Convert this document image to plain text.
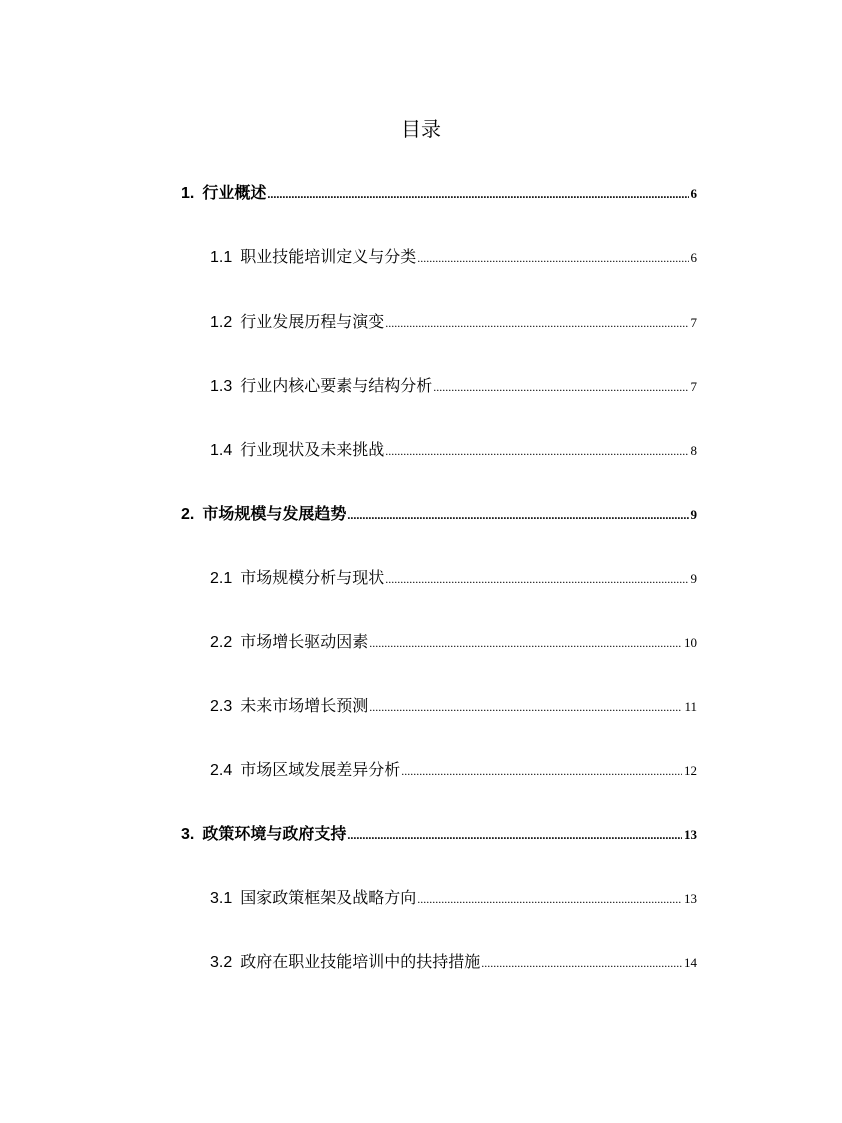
目录
1. 行业概述 .....	6
1.1 职业技能培训定义与分类 .....	6
1.2 行业发展历程与演变 .....	7
1.3 行业内核心要素与结构分析 .....	7
1.4 行业现状及未来挑战 .....	8
2. 市场规模与发展趋势 .....	9
2.1 市场规模分析与现状 .....	9
2.2 市场增长驱动因素 .....	10
2.3 未来市场增长预测 .....	11
2.4 市场区域发展差异分析 .....	12
3. 政策环境与政府支持 .....	13
3.1 国家政策框架及战略方向 .....	13
3.2 政府在职业技能培训中的扶持措施 .....	14
